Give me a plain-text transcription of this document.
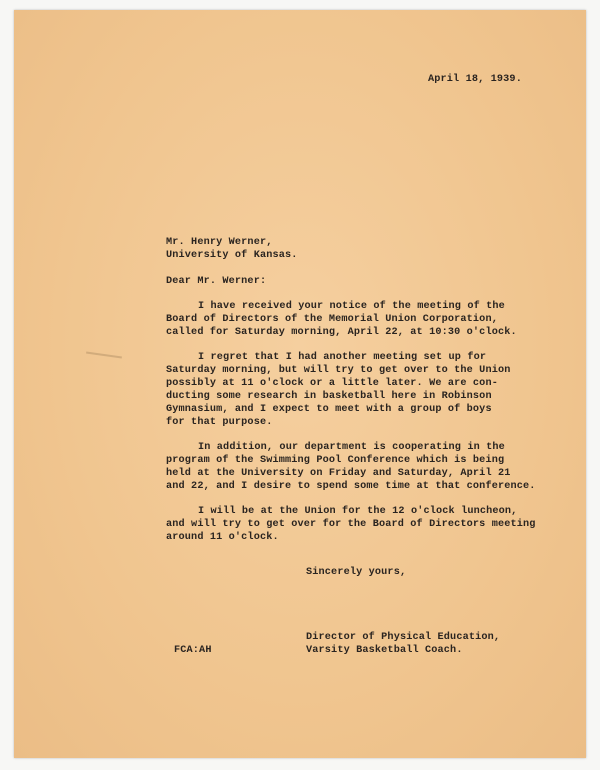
April 18, 1939.
Mr. Henry Werner,
University of Kansas.
Dear Mr. Werner:
I have received your notice of the meeting of the
Board of Directors of the Memorial Union Corporation,
called for Saturday morning, April 22, at 10:30 o'clock.
I regret that I had another meeting set up for
Saturday morning, but will try to get over to the Union
possibly at 11 o'clock or a little later. We are con-
ducting some research in basketball here in Robinson
Gymnasium, and I expect to meet with a group of boys
for that purpose.
In addition, our department is cooperating in the
program of the Swimming Pool Conference which is being
held at the University on Friday and Saturday, April 21
and 22, and I desire to spend some time at that conference.
I will be at the Union for the 12 o'clock luncheon,
and will try to get over for the Board of Directors meeting
around 11 o'clock.
Sincerely yours,
FCA:AH
Director of Physical Education,
Varsity Basketball Coach.
